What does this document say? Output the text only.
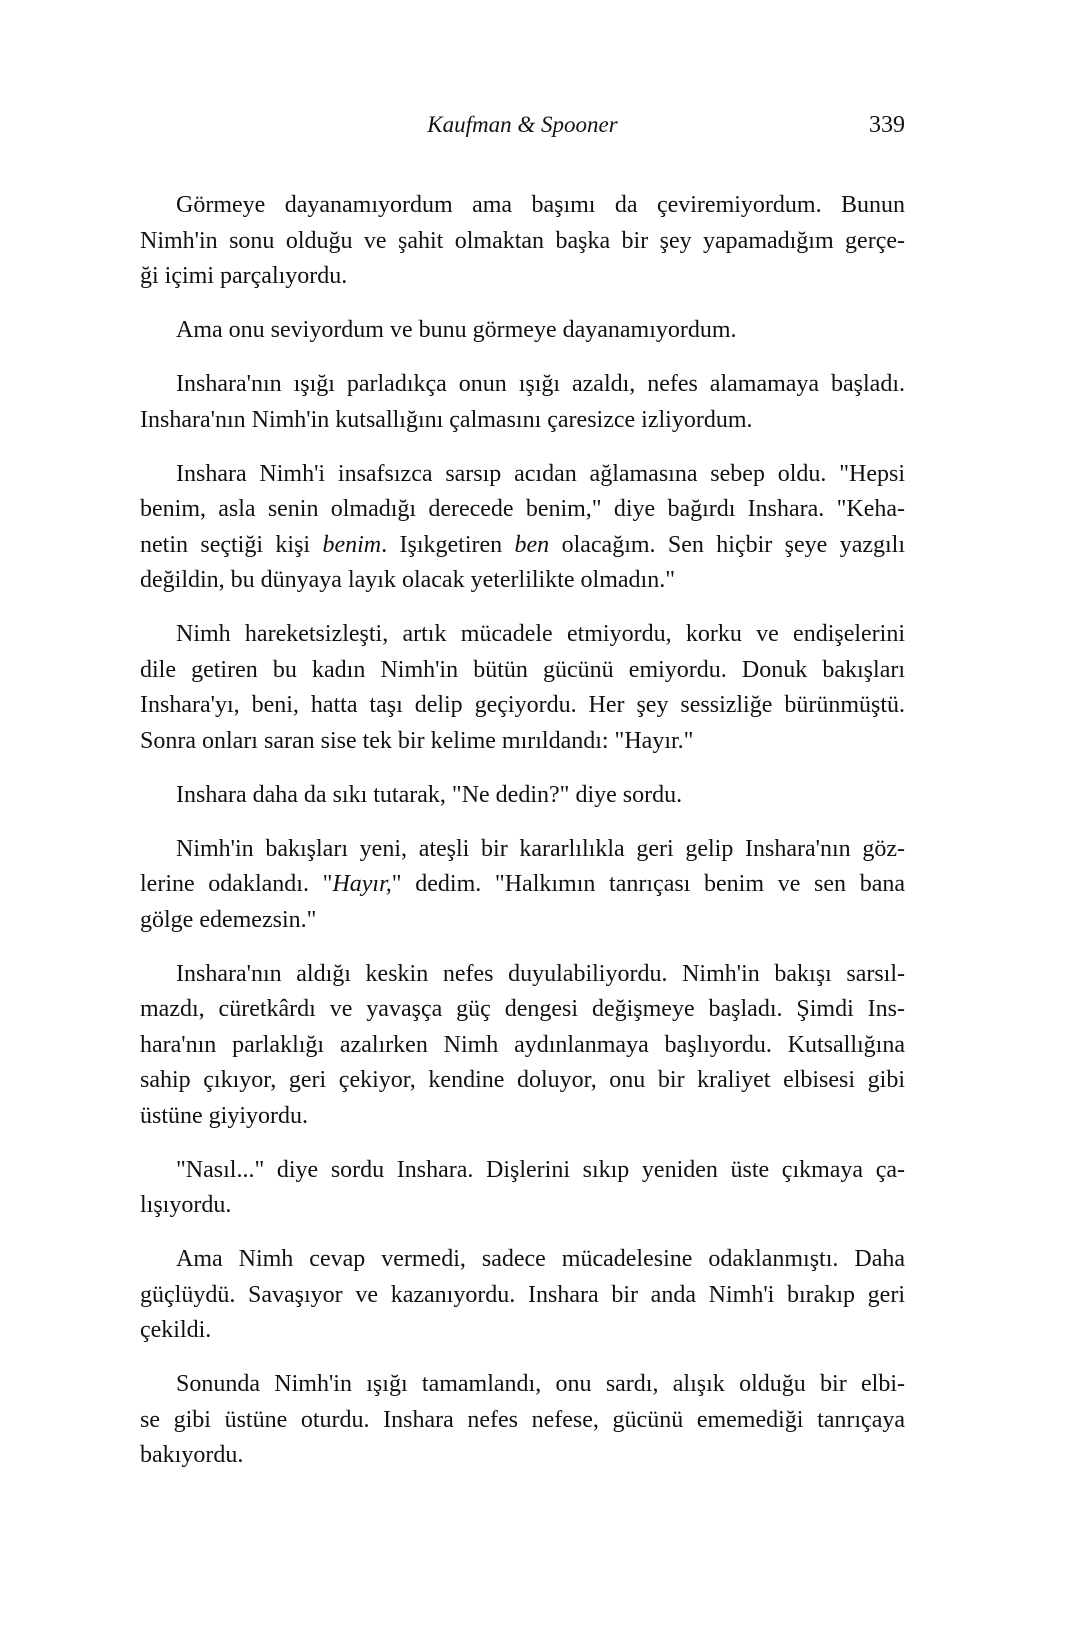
Kaufman & Spooner	339
Görmeye dayanamıyordum ama başımı da çeviremiyordum. Bunun
Nimh'in sonu olduğu ve şahit olmaktan başka bir şey yapamadığım gerçe-
ği içimi parçalıyordu.
Ama onu seviyordum ve bunu görmeye dayanamıyordum.
Inshara'nın ışığı parladıkça onun ışığı azaldı, nefes alamamaya başladı.
Inshara'nın Nimh'in kutsallığını çalmasını çaresizce izliyordum.
Inshara Nimh'i insafsızca sarsıp acıdan ağlamasına sebep oldu. "Hepsi
benim, asla senin olmadığı derecede benim," diye bağırdı Inshara. "Keha-
netin seçtiği kişi benim. Işıkgetiren ben olacağım. Sen hiçbir şeye yazgılı
değildin, bu dünyaya layık olacak yeterlilikte olmadın."
Nimh hareketsizleşti, artık mücadele etmiyordu, korku ve endişelerini
dile getiren bu kadın Nimh'in bütün gücünü emiyordu. Donuk bakışları
Inshara'yı, beni, hatta taşı delip geçiyordu. Her şey sessizliğe bürünmüştü.
Sonra onları saran sise tek bir kelime mırıldandı: "Hayır."
Inshara daha da sıkı tutarak, "Ne dedin?" diye sordu.
Nimh'in bakışları yeni, ateşli bir kararlılıkla geri gelip Inshara'nın göz-
lerine odaklandı. "Hayır," dedim. "Halkımın tanrıçası benim ve sen bana
gölge edemezsin."
Inshara'nın aldığı keskin nefes duyulabiliyordu. Nimh'in bakışı sarsıl-
mazdı, cüretkârdı ve yavaşça güç dengesi değişmeye başladı. Şimdi Ins-
hara'nın parlaklığı azalırken Nimh aydınlanmaya başlıyordu. Kutsallığına
sahip çıkıyor, geri çekiyor, kendine doluyor, onu bir kraliyet elbisesi gibi
üstüne giyiyordu.
"Nasıl..." diye sordu Inshara. Dişlerini sıkıp yeniden üste çıkmaya ça-
lışıyordu.
Ama Nimh cevap vermedi, sadece mücadelesine odaklanmıştı. Daha
güçlüydü. Savaşıyor ve kazanıyordu. Inshara bir anda Nimh'i bırakıp geri
çekildi.
Sonunda Nimh'in ışığı tamamlandı, onu sardı, alışık olduğu bir elbi-
se gibi üstüne oturdu. Inshara nefes nefese, gücünü ememediği tanrıçaya
bakıyordu.
